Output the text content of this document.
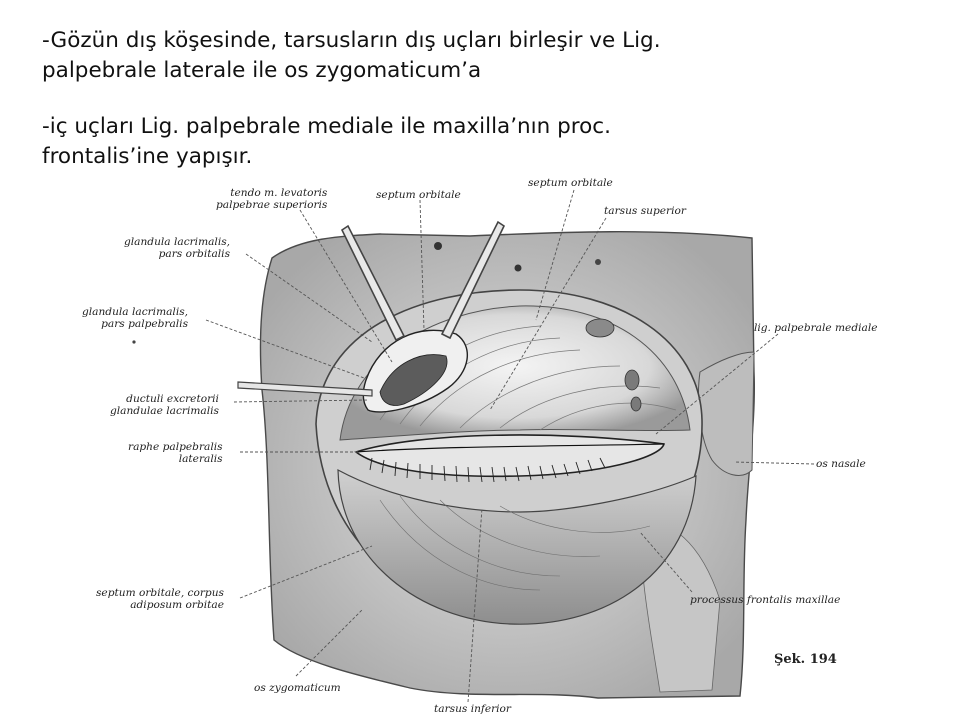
-Gözün dış köşesinde, tarsusların dış uçları birleşir ve Lig.
palpebrale laterale ile os zygomaticum’a
-iç uçları Lig. palpebrale mediale ile maxilla’nın proc.
frontalis’ine yapışır.
tendo m. levatoris
palpebrae superioris
septum orbitale
septum orbitale
tarsus superior
glandula lacrimalis,
pars orbitalis
glandula lacrimalis,
pars palpebralis	lig. palpebrale mediale
ductuli excretorii
glandulae lacrimalis
raphe palpebralis
lateralis	os nasale
septum orbitale, corpus
adiposum orbitae	processus frontalis maxillae
os zygomaticum
tarsus inferior
Şek. 194
